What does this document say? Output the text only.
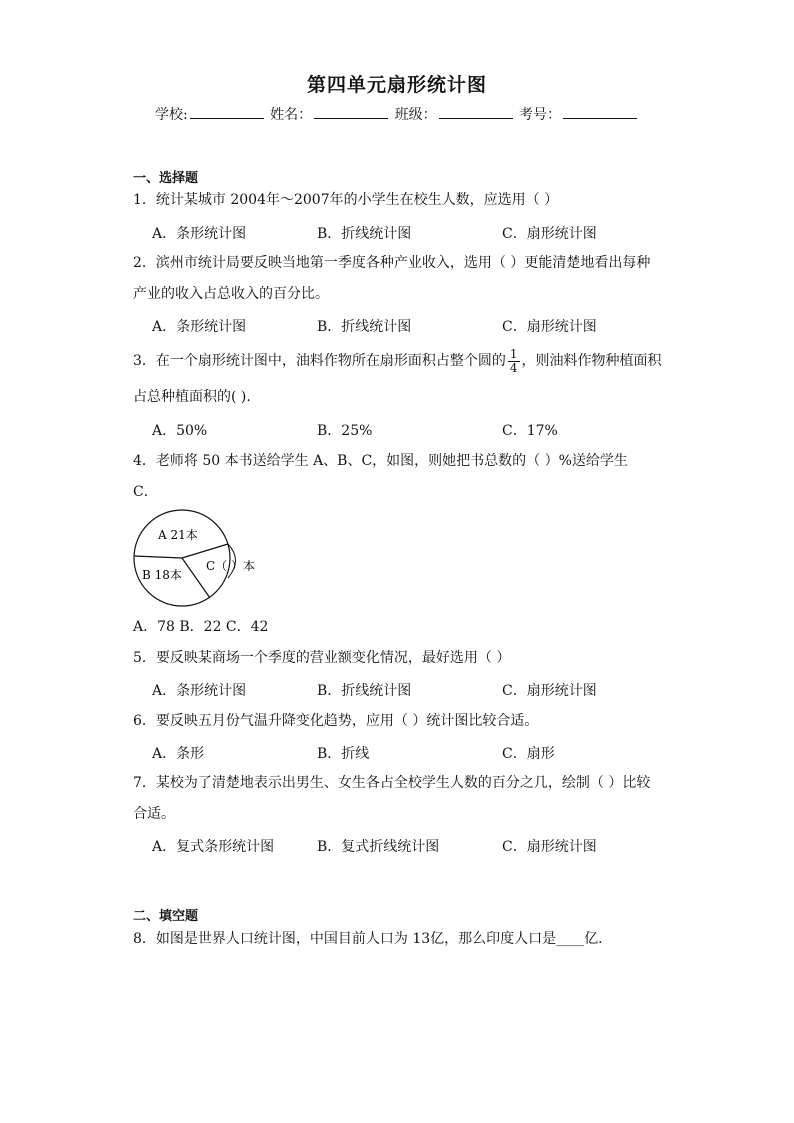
第四单元扇形统计图
学校:	姓名：	班级：	考号：
一、选择题
1．统计某城市 2004年～2007年的小学生在校生人数，应选用（ ）
A．条形统计图	B．折线统计图	C．扇形统计图
2．滨州市统计局要反映当地第一季度各种产业收入，选用（ ）更能清楚地看出每种
产业的收入占总收入的百分比。
A．条形统计图	B．折线统计图	C．扇形统计图
3．在一个扇形统计图中，油料作物所在扇形面积占整个圆的 $\frac{1}{4}$ ，则油料作物种植面积
占总种植面积的( ).
A．50%	B．25%	C．17%
4．老师将 50 本书送给学生 A、B、C，如图，则她把书总数的（ ）%送给学生
C．
A 21本
B 18本
C（ ）本
A．78 B．22 C．42
5．要反映某商场一个季度的营业额变化情况，最好选用（ ）
A．条形统计图	B．折线统计图	C．扇形统计图
6．要反映五月份气温升降变化趋势，应用（ ）统计图比较合适。
A．条形	B．折线	C．扇形
7．某校为了清楚地表示出男生、女生各占全校学生人数的百分之几，绘制（ ）比较
合适。
A．复式条形统计图	B．复式折线统计图	C．扇形统计图
二、填空题
8．如图是世界人口统计图，中国目前人口为 13亿，那么印度人口是____亿．
